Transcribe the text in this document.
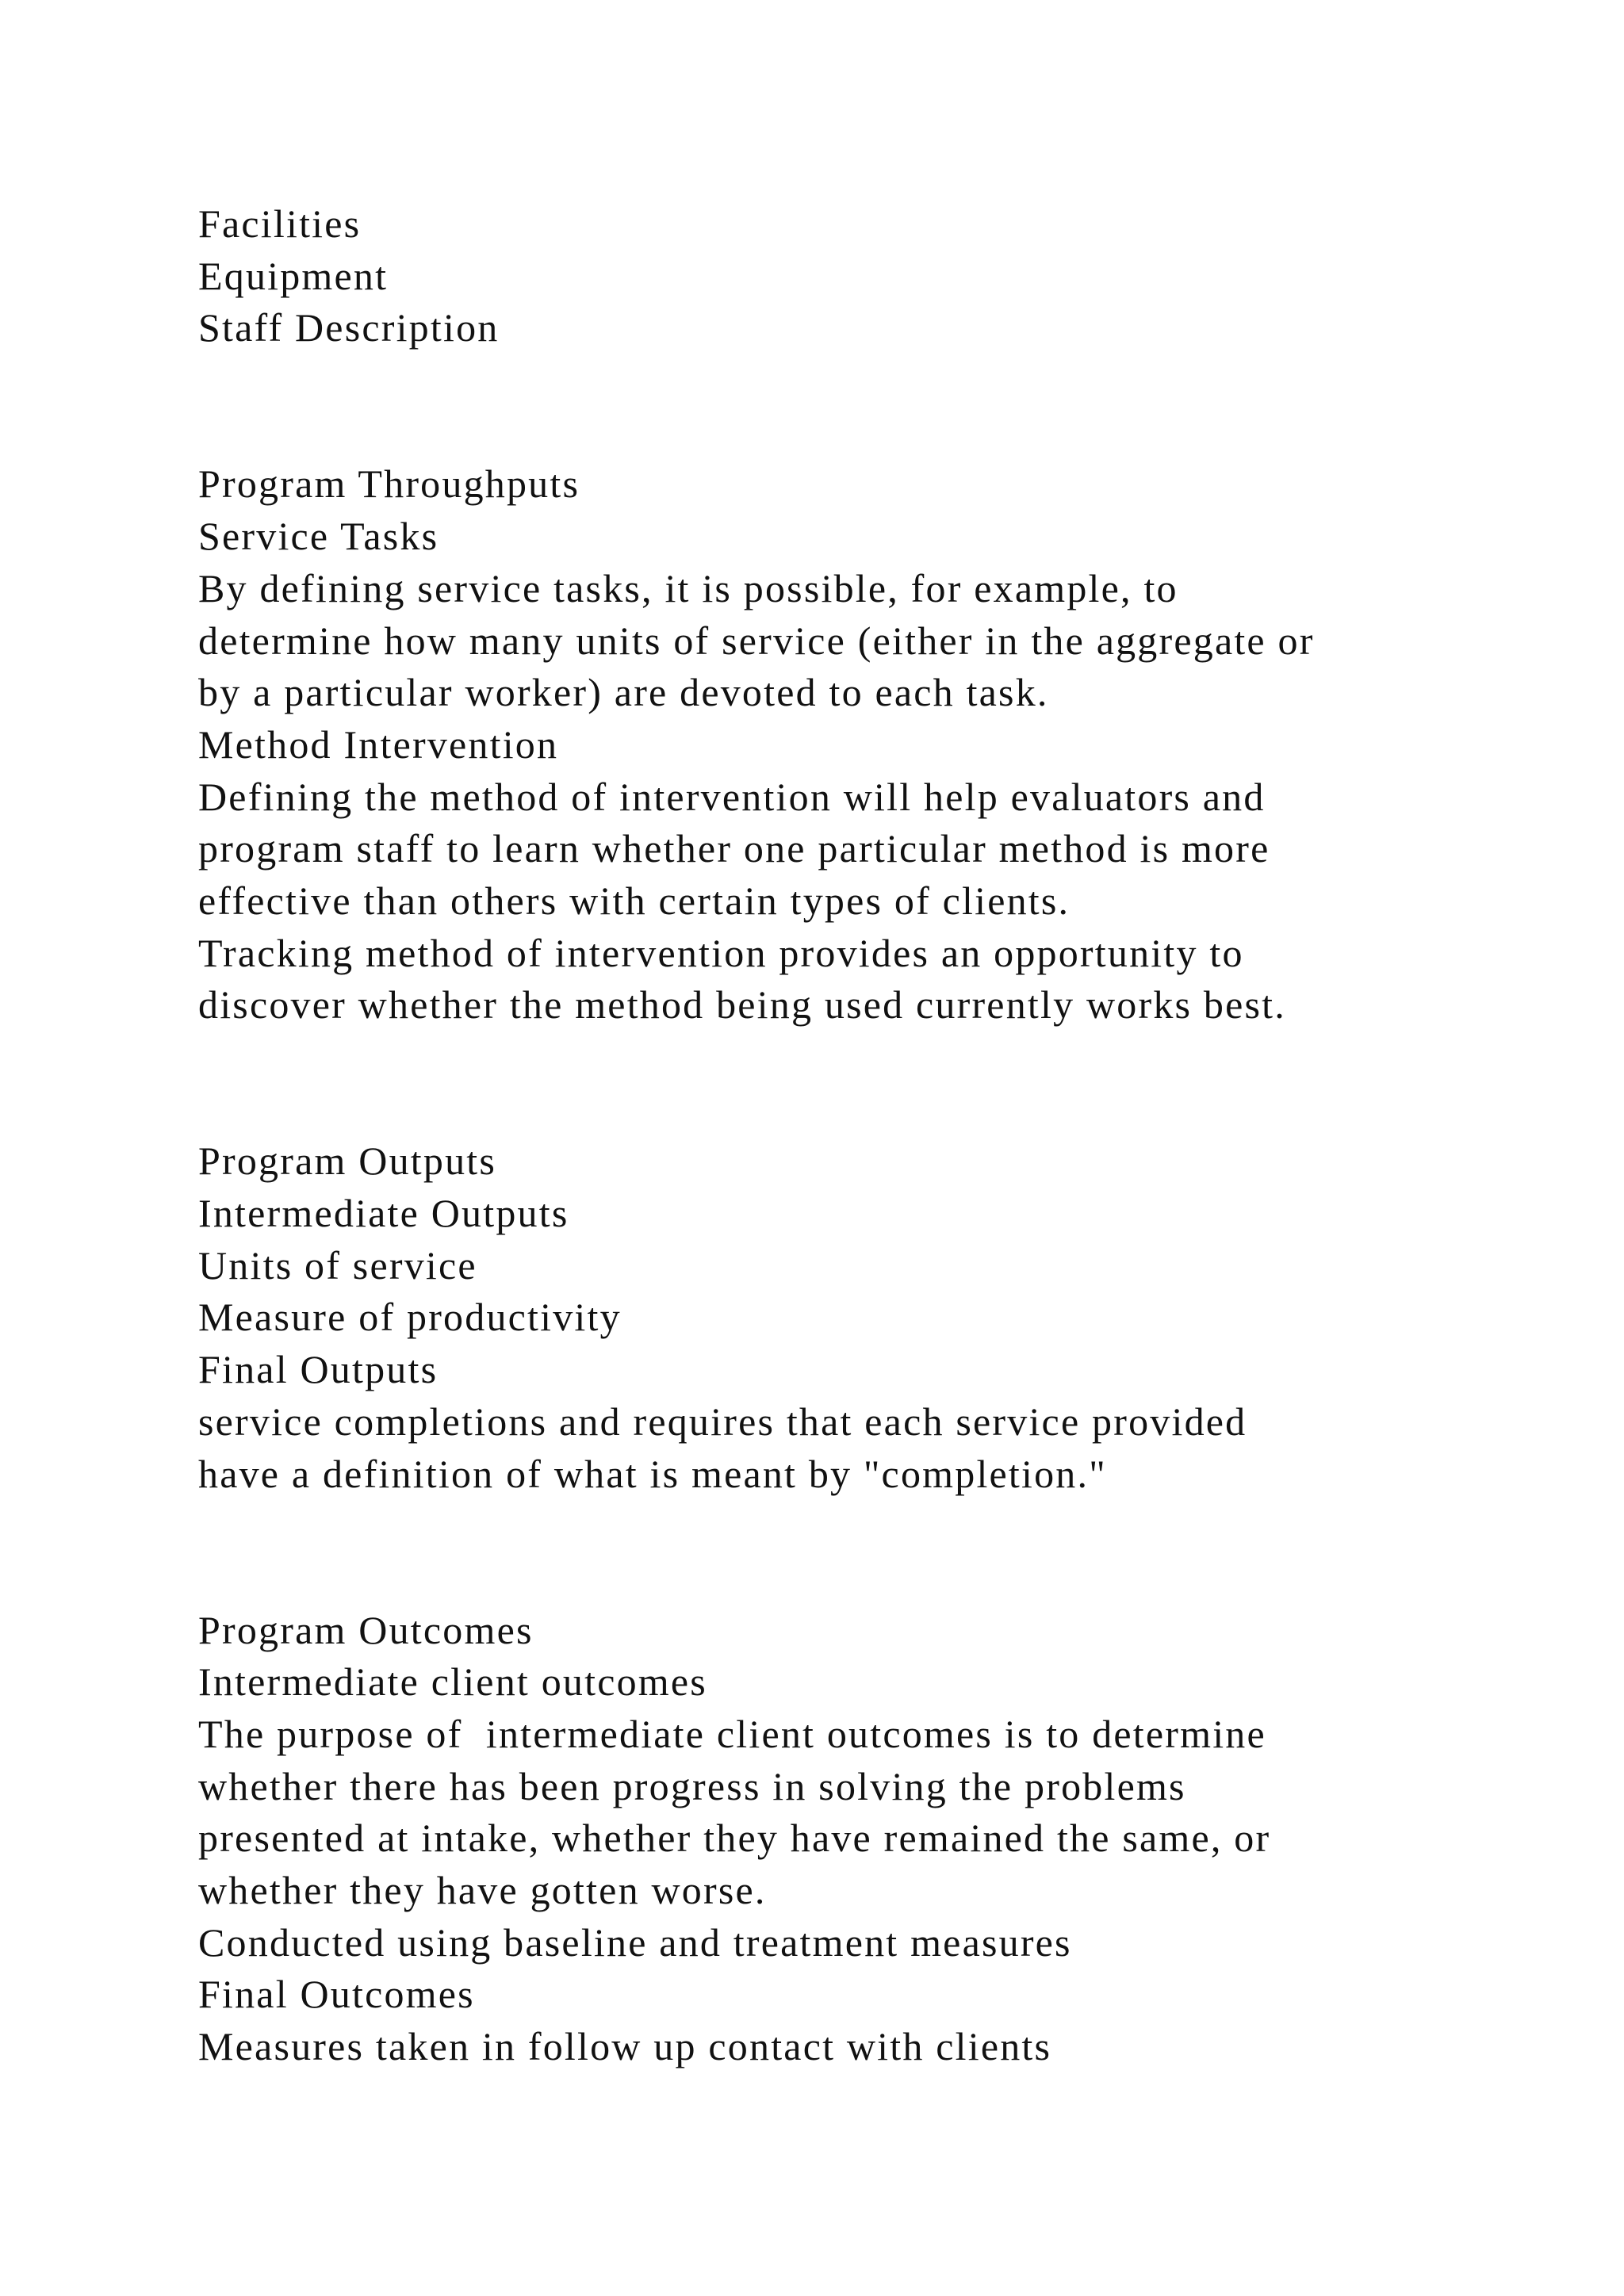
Facilities
Equipment
Staff Description
Program Throughputs
Service Tasks
By defining service tasks, it is possible, for example, to
determine how many units of service (either in the aggregate or
by a particular worker) are devoted to each task.
Method Intervention
Defining the method of intervention will help evaluators and
program staff to learn whether one particular method is more
effective than others with certain types of clients.
Tracking method of intervention provides an opportunity to
discover whether the method being used currently works best.
Program Outputs
Intermediate Outputs
Units of service
Measure of productivity
Final Outputs
service completions and requires that each service provided
have a definition of what is meant by "completion."
Program Outcomes
Intermediate client outcomes
The purpose of  intermediate client outcomes is to determine
whether there has been progress in solving the problems
presented at intake, whether they have remained the same, or
whether they have gotten worse.
Conducted using baseline and treatment measures
Final Outcomes
Measures taken in follow up contact with clients
